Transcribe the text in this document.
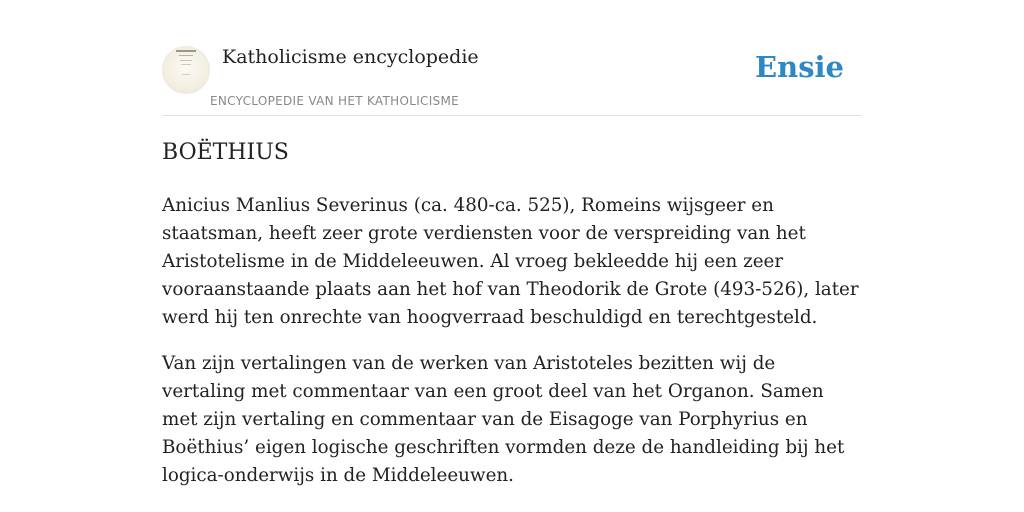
Katholicisme encyclopedie
ENCYCLOPEDIE VAN HET KATHOLICISME
Ensie
BOËTHIUS

Anicius Manlius Severinus (ca. 480-ca. 525), Romeins wijsgeer en staatsman, heeft zeer grote verdiensten voor de verspreiding van het Aristotelisme in de Middeleeuwen. Al vroeg bekleedde hij een zeer vooraanstaande plaats aan het hof van Theodorik de Grote (493-526), later werd hij ten onrechte van hoogverraad beschuldigd en terechtgesteld.

Van zijn vertalingen van de werken van Aristoteles bezitten wij de vertaling met commentaar van een groot deel van het Organon. Samen met zijn vertaling en commentaar van de Eisagoge van Porphyrius en Boëthius’ eigen logische geschriften vormden deze de handleiding bij het logica-onderwijs in de Middeleeuwen.
